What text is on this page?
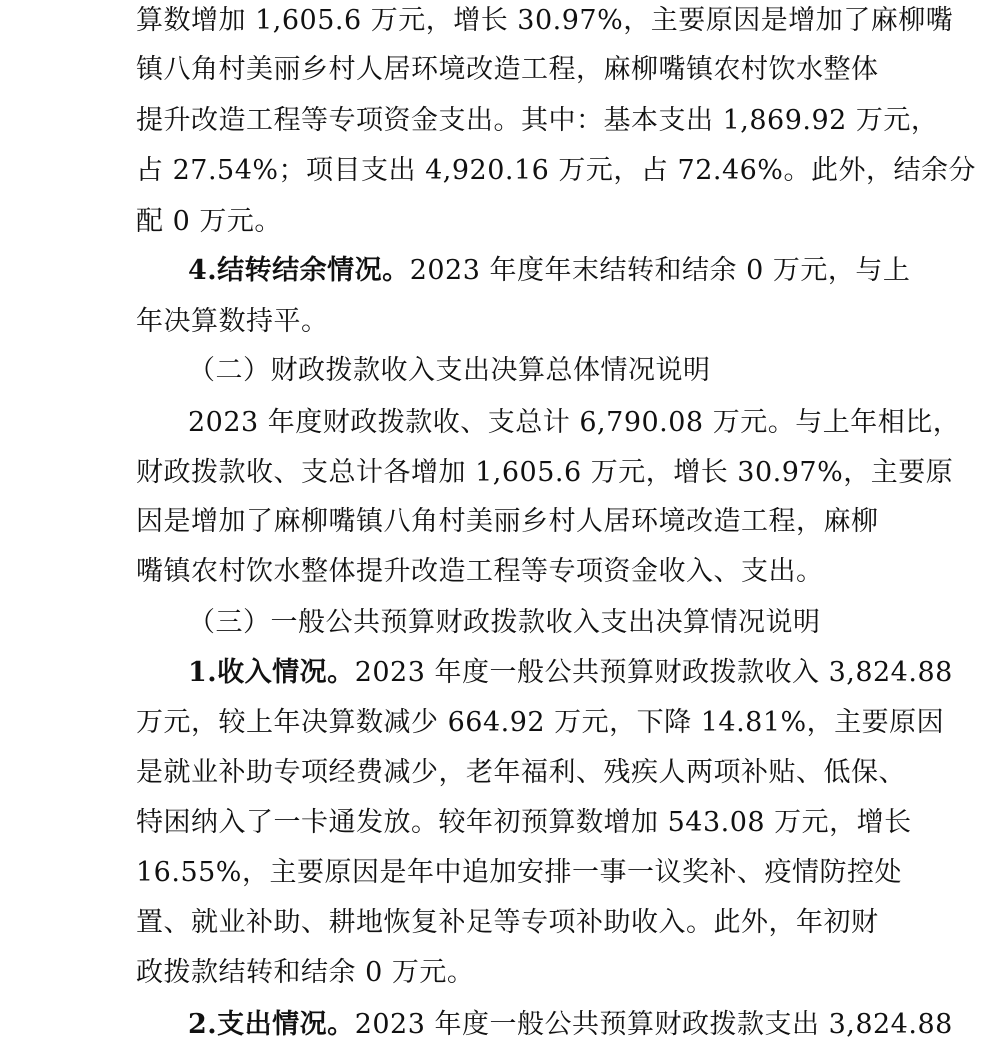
算数增加 1,605.6 万元，增长 30.97%，主要原因是增加了麻柳嘴
镇八角村美丽乡村人居环境改造工程，麻柳嘴镇农村饮水整体
提升改造工程等专项资金支出。其中：基本支出 1,869.92 万元，
占 27.54%；项目支出 4,920.16 万元，占 72.46%。此外，结余分
配 0 万元。
4.结转结余情况。2023 年度年末结转和结余 0 万元，与上
年决算数持平。
（二）财政拨款收入支出决算总体情况说明
2023 年度财政拨款收、支总计 6,790.08 万元。与上年相比，
财政拨款收、支总计各增加 1,605.6 万元，增长 30.97%，主要原
因是增加了麻柳嘴镇八角村美丽乡村人居环境改造工程，麻柳
嘴镇农村饮水整体提升改造工程等专项资金收入、支出。
（三）一般公共预算财政拨款收入支出决算情况说明
1.收入情况。2023 年度一般公共预算财政拨款收入 3,824.88
万元，较上年决算数减少 664.92 万元，下降 14.81%，主要原因
是就业补助专项经费减少，老年福利、残疾人两项补贴、低保、
特困纳入了一卡通发放。较年初预算数增加 543.08 万元，增长
16.55%，主要原因是年中追加安排一事一议奖补、疫情防控处
置、就业补助、耕地恢复补足等专项补助收入。此外，年初财
政拨款结转和结余 0 万元。
2.支出情况。2023 年度一般公共预算财政拨款支出 3,824.88
